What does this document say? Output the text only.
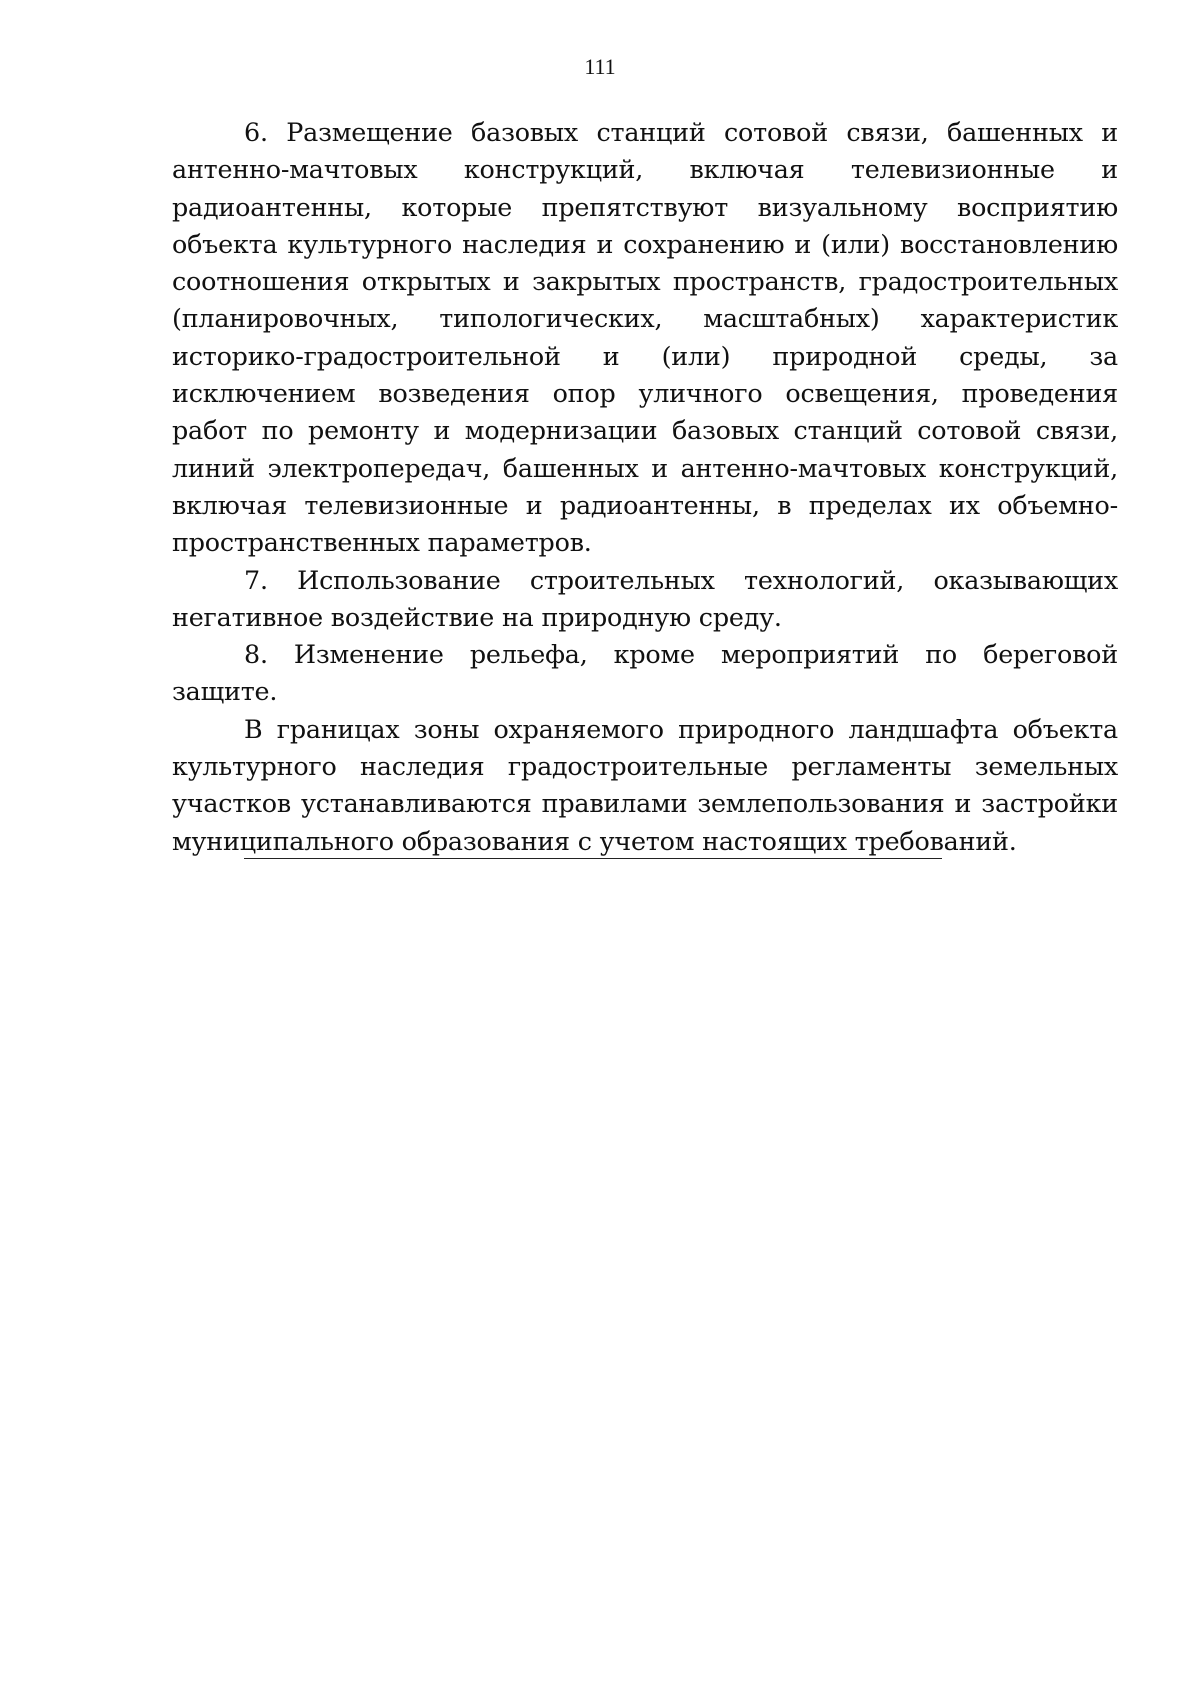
111

6. Размещение базовых станций сотовой связи, башенных и антенно-мачтовых конструкций, включая телевизионные и радиоантенны, которые препятствуют визуальному восприятию объекта культурного наследия и сохранению и (или) восстановлению соотношения открытых и закрытых пространств, градостроительных (планировочных, типологических, масштабных) характеристик историко-градостроительной и (или) природной среды, за исключением возведения опор уличного освещения, проведения работ по ремонту и модернизации базовых станций сотовой связи, линий электропередач, башенных и антенно-мачтовых конструкций, включая телевизионные и радиоантенны, в пределах их объемно- пространственных параметров.

7. Использование строительных технологий, оказывающих негативное воздействие на природную среду.

8. Изменение рельефа, кроме мероприятий по береговой защите.

В границах зоны охраняемого природного ландшафта объекта культурного наследия градостроительные регламенты земельных участков устанавливаются правилами землепользования и застройки муниципального образования с учетом настоящих требований.
